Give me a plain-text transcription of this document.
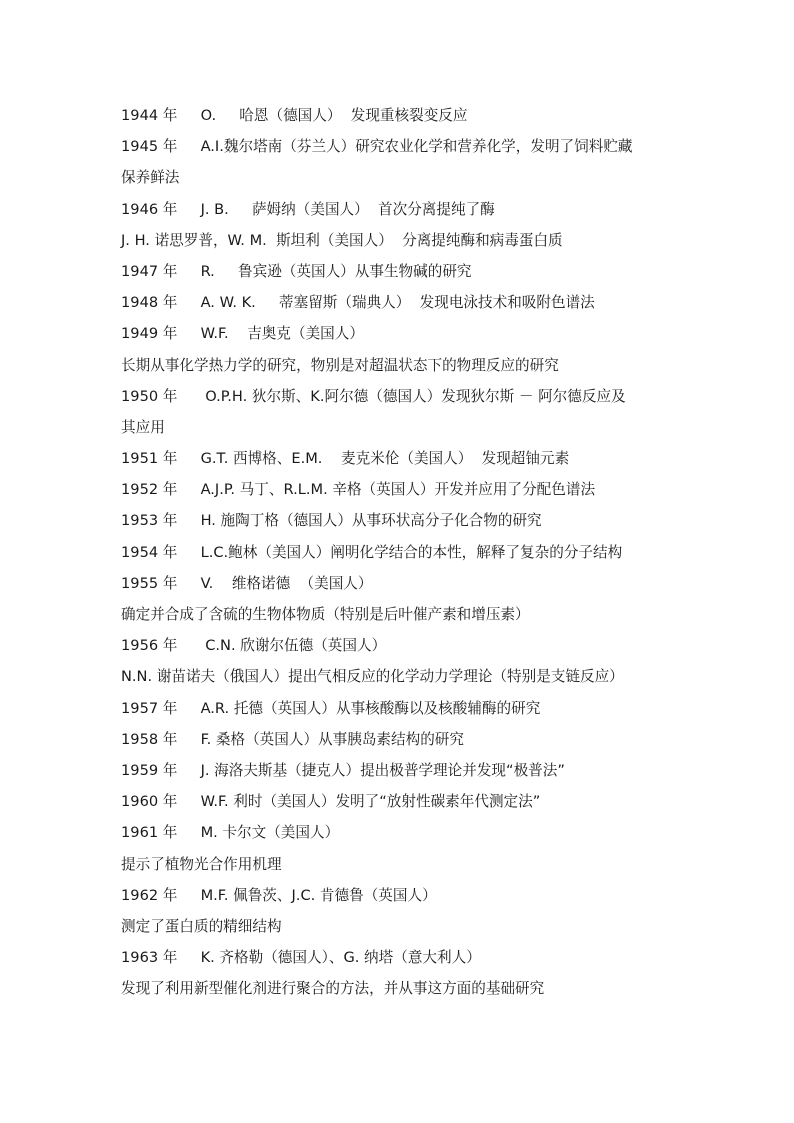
1944 年     O.     哈恩（德国人）  发现重核裂变反应
1945 年     A.I.魏尔塔南（芬兰人）研究农业化学和营养化学，发明了饲料贮藏
保养鲜法
1946 年     J. B.     萨姆纳（美国人）  首次分离提纯了酶
J. H. 诺思罗普，W. M.  斯坦利（美国人）  分离提纯酶和病毒蛋白质
1947 年     R.     鲁宾逊（英国人）从事生物碱的研究
1948 年     A. W. K.     蒂塞留斯（瑞典人）  发现电泳技术和吸附色谱法
1949 年     W.F.    吉奥克（美国人）
长期从事化学热力学的研究，物别是对超温状态下的物理反应的研究
1950 年      O.P.H. 狄尔斯、K.阿尔德（德国人）发现狄尔斯 － 阿尔德反应及
其应用
1951 年     G.T. 西博格、E.M.    麦克米伦（美国人）  发现超铀元素
1952 年     A.J.P. 马丁、R.L.M. 辛格（英国人）开发并应用了分配色谱法
1953 年     H. 施陶丁格（德国人）从事环状高分子化合物的研究
1954 年     L.C.鲍林（美国人）阐明化学结合的本性，解释了复杂的分子结构
1955 年     V.    维格诺德  （美国人）
确定并合成了含硫的生物体物质（特别是后叶催产素和增压素）
1956 年      C.N. 欣谢尔伍德（英国人）
N.N. 谢苗诺夫（俄国人）提出气相反应的化学动力学理论（特别是支链反应）
1957 年     A.R. 托德（英国人）从事核酸酶以及核酸辅酶的研究
1958 年     F. 桑格（英国人）从事胰岛素结构的研究
1959 年     J. 海洛夫斯基（捷克人）提出极普学理论并发现“极普法”
1960 年     W.F. 利时（美国人）发明了“放射性碳素年代测定法”
1961 年     M. 卡尔文（美国人）
提示了植物光合作用机理
1962 年     M.F. 佩鲁茨、J.C. 肯德鲁（英国人）
测定了蛋白质的精细结构
1963 年     K. 齐格勒（德国人）、G. 纳塔（意大利人）
发现了利用新型催化剂进行聚合的方法，并从事这方面的基础研究
